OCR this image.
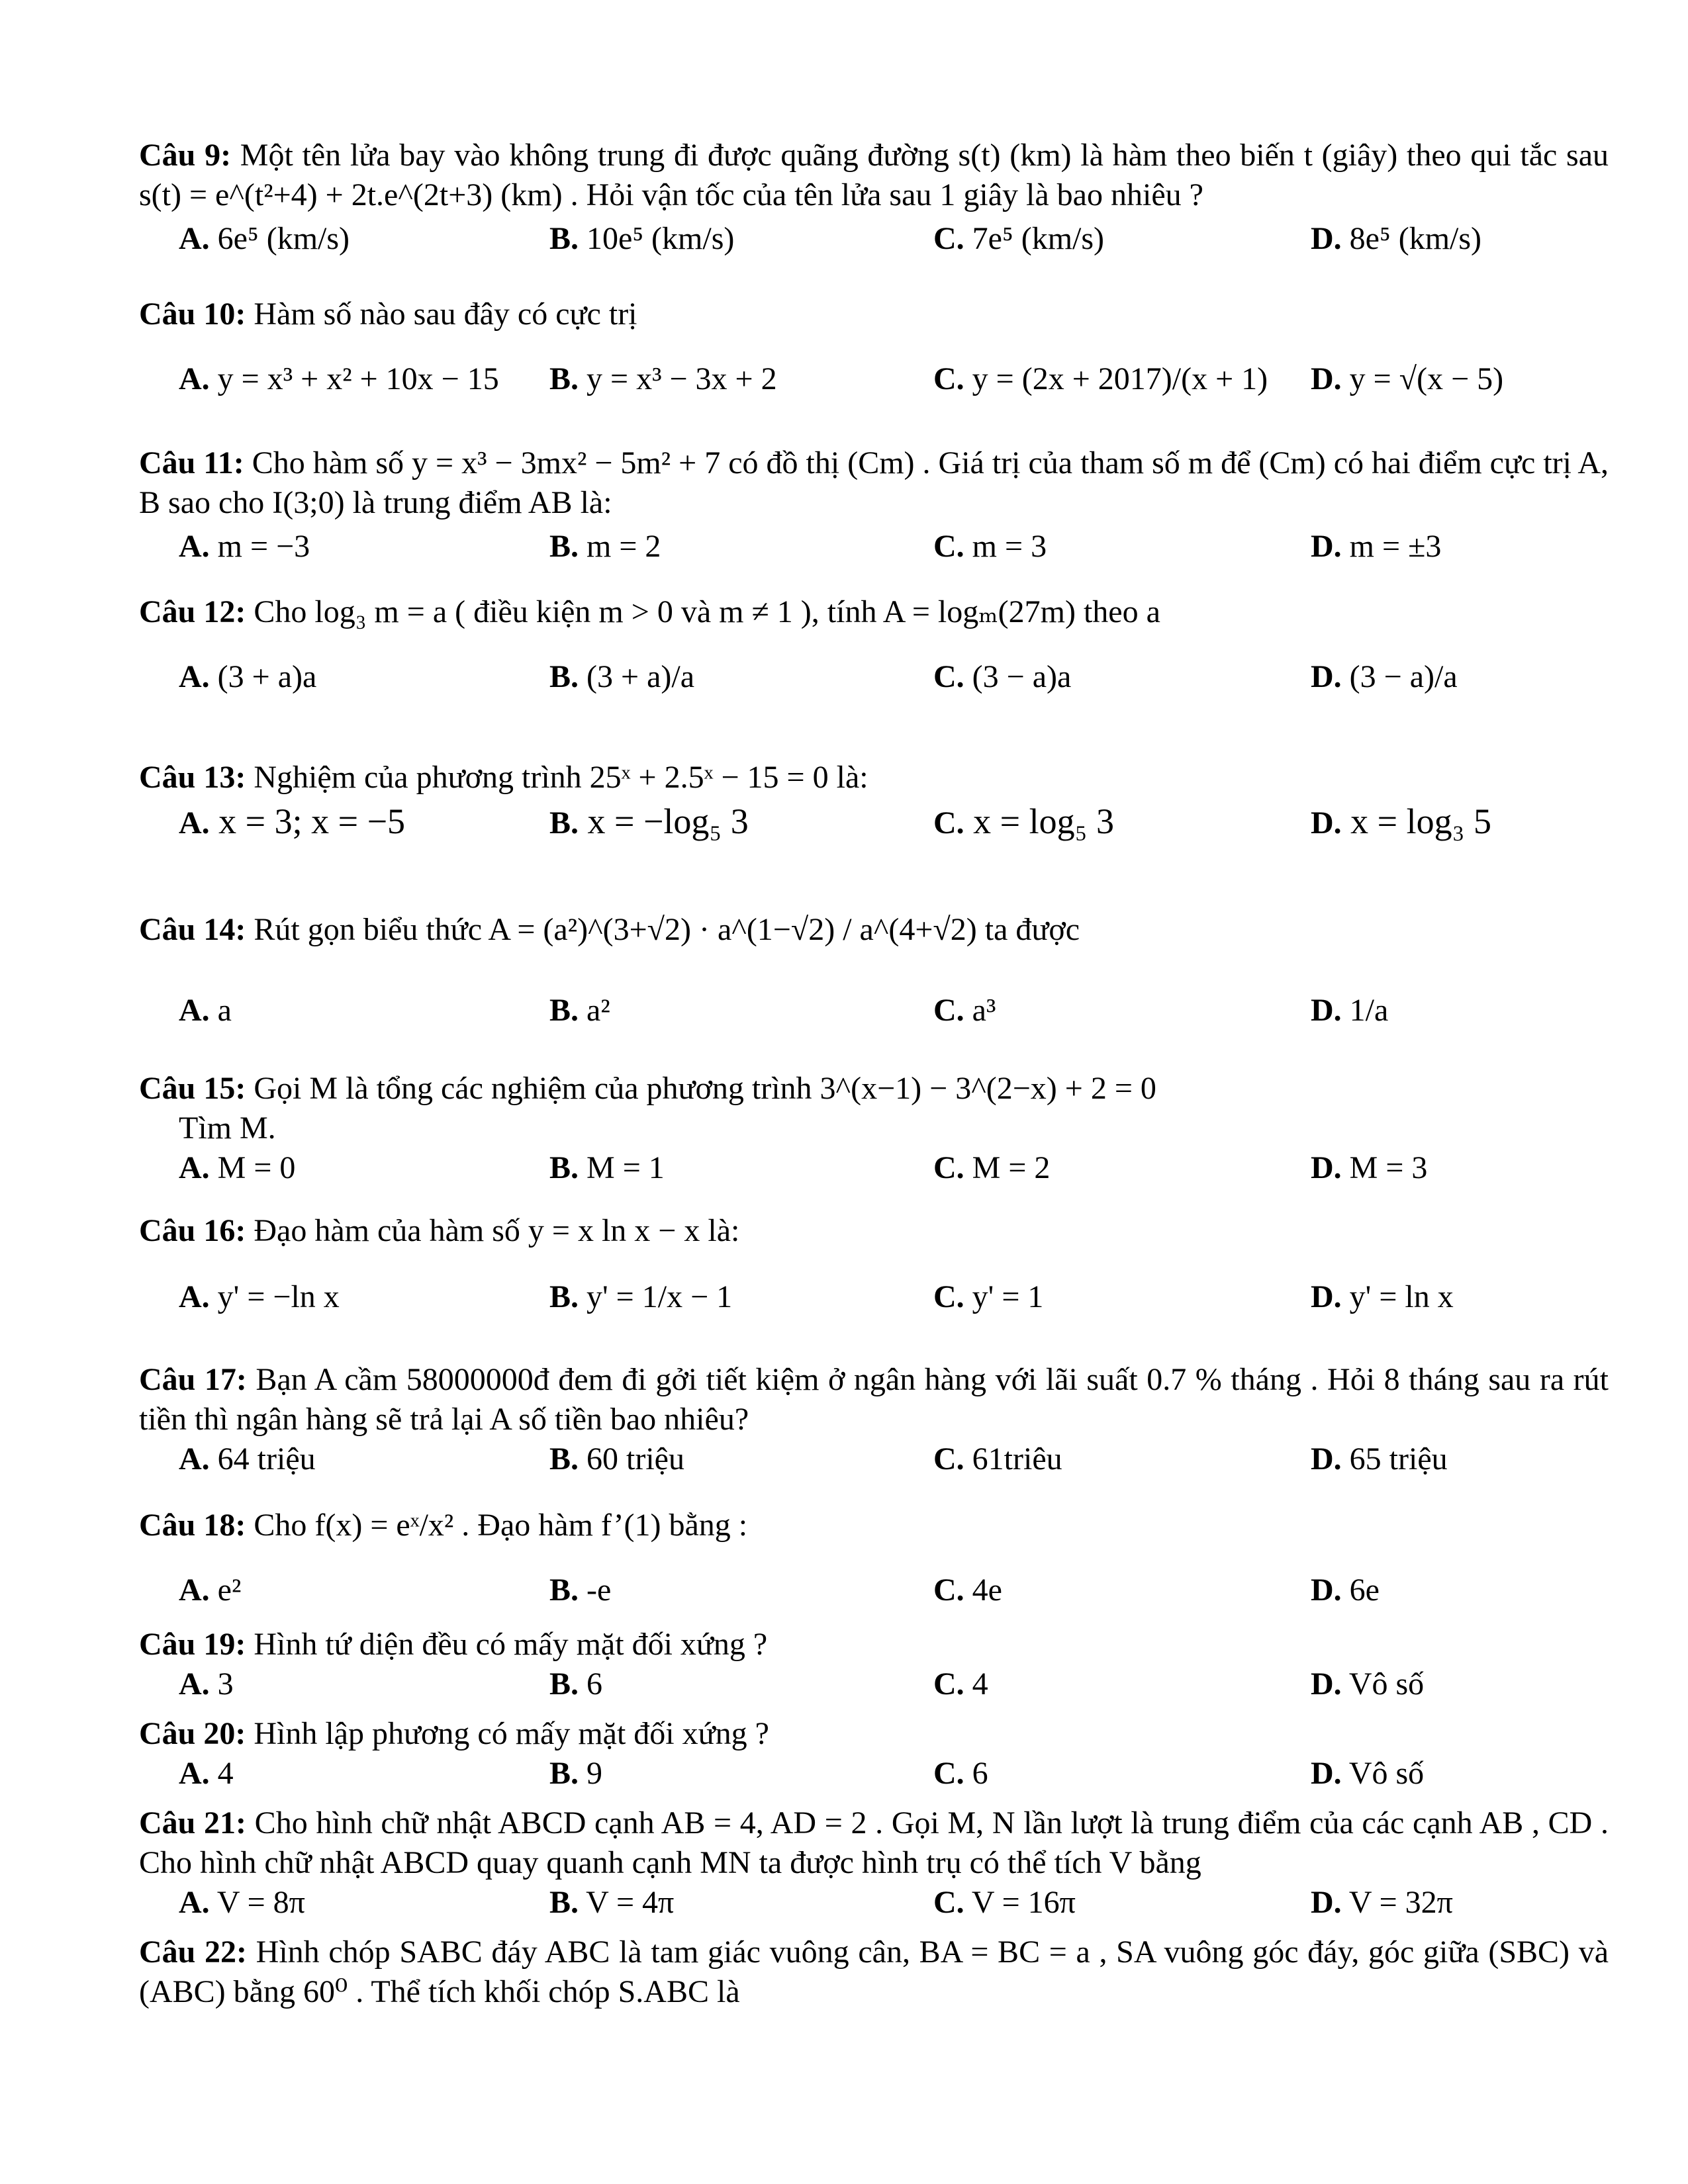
Câu 9: Một tên lửa bay vào không trung đi được quãng đường s(t) (km) là hàm theo biến t (giây) theo qui tắc sau s(t) = e^(t²+4) + 2t.e^(2t+3) (km) . Hỏi vận tốc của tên lửa sau 1 giây là bao nhiêu ?

A. 6e⁵ (km/s)	B. 10e⁵ (km/s)	C. 7e⁵ (km/s)	D. 8e⁵ (km/s)

Câu 10: Hàm số nào sau đây có cực trị

A. y = x³ + x² + 10x − 15 B. y = x³ − 3x + 2	C. y = (2x + 2017)/(x + 1) D. y = √(x − 5)

Câu 11: Cho hàm số y = x³ − 3mx² − 5m² + 7 có đồ thị (Cm) . Giá trị của tham số m để (Cm) có hai điểm cực trị A, B sao cho I(3;0) là trung điểm AB là:

A. m = −3	B. m = 2	C. m = 3	D. m = ±3

Câu 12: Cho log₃ m = a ( điều kiện m > 0 và m ≠ 1 ), tính A = logₘ(27m) theo a

A. (3 + a)a	B. (3 + a)/a	C. (3 − a)a	D. (3 − a)/a

Câu 13: Nghiệm của phương trình 25ˣ + 2.5ˣ − 15 = 0 là:

A. x = 3; x = −5	B. x = −log₅ 3	C. x = log₅ 3	D. x = log₃ 5

Câu 14: Rút gọn biểu thức A = (a²)^(3+√2) · a^(1−√2) / a^(4+√2) ta được

A. a	B. a²	C. a³	D. 1/a

Câu 15: Gọi M là tổng các nghiệm của phương trình 3^(x−1) − 3^(2−x) + 2 = 0

Tìm M.

A. M = 0	B. M = 1	C. M = 2	D. M = 3

Câu 16: Đạo hàm của hàm số y = x ln x − x là:

A. y' = −ln x	B. y' = 1/x − 1	C. y' = 1	D. y' = ln x

Câu 17: Bạn A cầm 58000000đ đem đi gởi tiết kiệm ở ngân hàng với lãi suất 0.7 % tháng . Hỏi 8 tháng sau ra rút tiền thì ngân hàng sẽ trả lại A số tiền bao nhiêu?

A. 64 triệu	B. 60 triệu	C. 61triêu	D. 65 triệu

Câu 18: Cho f(x) = eˣ/x² . Đạo hàm f’(1) bằng :

A. e²	B. -e	C. 4e	D. 6e

Câu 19: Hình tứ diện đều có mấy mặt đối xứng ?

A. 3	B. 6	C. 4	D. Vô số

Câu 20: Hình lập phương có mấy mặt đối xứng ?

A. 4	B. 9	C. 6	D. Vô số

Câu 21: Cho hình chữ nhật ABCD cạnh AB = 4, AD = 2 . Gọi M, N lần lượt là trung điểm của các cạnh AB , CD . Cho hình chữ nhật ABCD quay quanh cạnh MN ta được hình trụ có thể tích V bằng

A. V = 8π	B. V = 4π	C. V = 16π	D. V = 32π

Câu 22: Hình chóp SABC đáy ABC là tam giác vuông cân, BA = BC = a , SA vuông góc đáy, góc giữa (SBC) và (ABC) bằng 60⁰ . Thể tích khối chóp S.ABC là
